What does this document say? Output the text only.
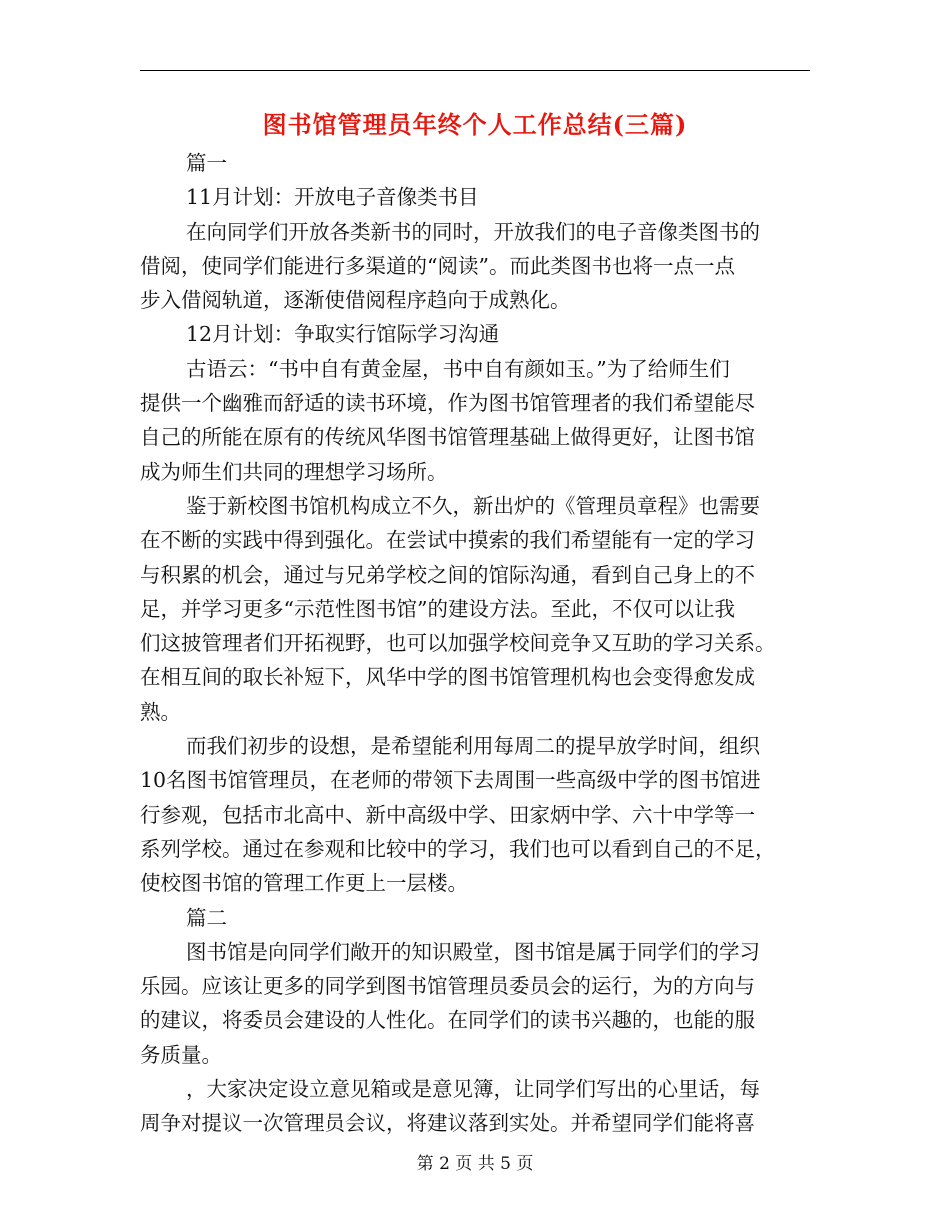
图书馆管理员年终个人工作总结(三篇)
篇一
11月计划：开放电子音像类书目
在向同学们开放各类新书的同时，开放我们的电子音像类图书的
借阅，使同学们能进行多渠道的“阅读”。而此类图书也将一点一点
步入借阅轨道，逐渐使借阅程序趋向于成熟化。
12月计划：争取实行馆际学习沟通
古语云：“书中自有黄金屋，书中自有颜如玉。”为了给师生们
提供一个幽雅而舒适的读书环境，作为图书馆管理者的我们希望能尽
自己的所能在原有的传统风华图书馆管理基础上做得更好，让图书馆
成为师生们共同的理想学习场所。
鉴于新校图书馆机构成立不久，新出炉的《管理员章程》也需要
在不断的实践中得到强化。在尝试中摸索的我们希望能有一定的学习
与积累的机会，通过与兄弟学校之间的馆际沟通，看到自己身上的不
足，并学习更多“示范性图书馆”的建设方法。至此，不仅可以让我
们这披管理者们开拓视野，也可以加强学校间竞争又互助的学习关系。
在相互间的取长补短下，风华中学的图书馆管理机构也会变得愈发成
熟。
而我们初步的设想，是希望能利用每周二的提早放学时间，组织
10名图书馆管理员，在老师的带领下去周围一些高级中学的图书馆进
行参观，包括市北高中、新中高级中学、田家炳中学、六十中学等一
系列学校。通过在参观和比较中的学习，我们也可以看到自己的不足，
使校图书馆的管理工作更上一层楼。
篇二
图书馆是向同学们敞开的知识殿堂，图书馆是属于同学们的学习
乐园。应该让更多的同学到图书馆管理员委员会的运行，为的方向与
的建议，将委员会建设的人性化。在同学们的读书兴趣的，也能的服
务质量。
，大家决定设立意见箱或是意见簿，让同学们写出的心里话，每
周争对提议一次管理员会议，将建议落到实处。并希望同学们能将喜
第 2 页 共 5 页
